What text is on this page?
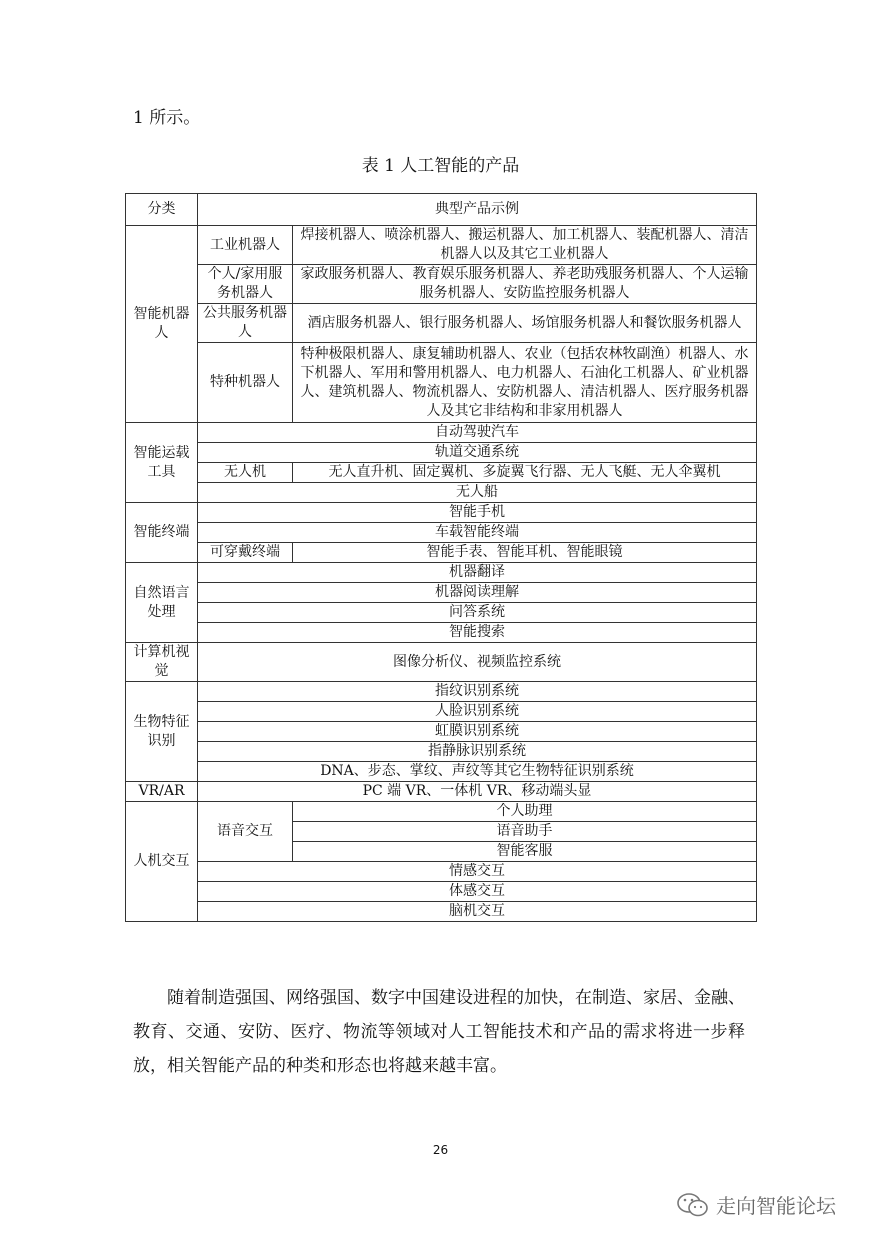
1 所示。
表 1 人工智能的产品
分类	典型产品示例	
智能机器人	工业机器人	焊接机器人、喷涂机器人、搬运机器人、加工机器人、装配机器人、清洁机器人以及其它工业机器人
	个人/家用服务机器人	家政服务机器人、教育娱乐服务机器人、养老助残服务机器人、个人运输服务机器人、安防监控服务机器人
	公共服务机器人	酒店服务机器人、银行服务机器人、场馆服务机器人和餐饮服务机器人
	特种机器人	特种极限机器人、康复辅助机器人、农业（包括农林牧副渔）机器人、水下机器人、军用和警用机器人、电力机器人、石油化工机器人、矿业机器人、建筑机器人、物流机器人、安防机器人、清洁机器人、医疗服务机器人及其它非结构和非家用机器人
智能运载工具	自动驾驶汽车	
	轨道交通系统	
	无人机	无人直升机、固定翼机、多旋翼飞行器、无人飞艇、无人伞翼机
	无人船	
智能终端	智能手机	
	车载智能终端	
	可穿戴终端	智能手表、智能耳机、智能眼镜
自然语言处理	机器翻译	
	机器阅读理解	
	问答系统	
	智能搜索	
计算机视觉	图像分析仪、视频监控系统	
生物特征识别	指纹识别系统	
	人脸识别系统	
	虹膜识别系统	
	指静脉识别系统	
	DNA、步态、掌纹、声纹等其它生物特征识别系统	
VR/AR	PC 端 VR、一体机 VR、移动端头显	
人机交互	语音交互	个人助理
		语音助手
		智能客服
	情感交互	
	体感交互	
	脑机交互	
随着制造强国、网络强国、数字中国建设进程的加快，在制造、家居、金融、教育、交通、安防、医疗、物流等领域对人工智能技术和产品的需求将进一步释放，相关智能产品的种类和形态也将越来越丰富。
26
走向智能论坛
